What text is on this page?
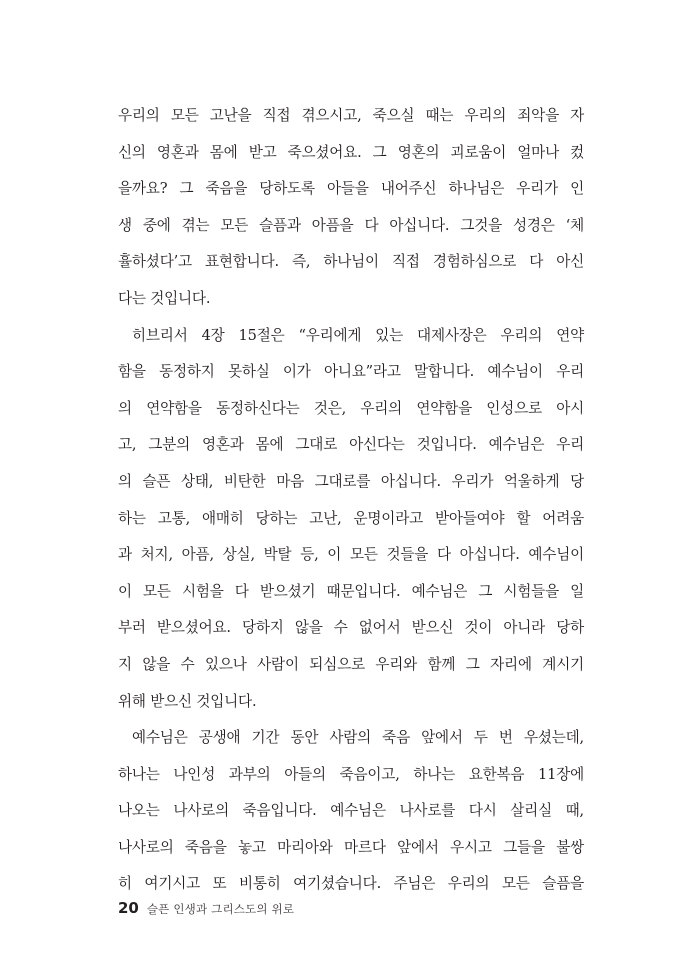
우리의 모든 고난을 직접 겪으시고, 죽으실 때는 우리의 죄악을 자
신의 영혼과 몸에 받고 죽으셨어요. 그 영혼의 괴로움이 얼마나 컸
을까요? 그 죽음을 당하도록 아들을 내어주신 하나님은 우리가 인
생 중에 겪는 모든 슬픔과 아픔을 다 아십니다. 그것을 성경은 ‘체
휼하셨다’고 표현합니다. 즉, 하나님이 직접 경험하심으로 다 아신
다는 것입니다.
히브리서 4장 15절은 “우리에게 있는 대제사장은 우리의 연약
함을 동정하지 못하실 이가 아니요”라고 말합니다. 예수님이 우리
의 연약함을 동정하신다는 것은, 우리의 연약함을 인성으로 아시
고, 그분의 영혼과 몸에 그대로 아신다는 것입니다. 예수님은 우리
의 슬픈 상태, 비탄한 마음 그대로를 아십니다. 우리가 억울하게 당
하는 고통, 애매히 당하는 고난, 운명이라고 받아들여야 할 어려움
과 처지, 아픔, 상실, 박탈 등, 이 모든 것들을 다 아십니다. 예수님이
이 모든 시험을 다 받으셨기 때문입니다. 예수님은 그 시험들을 일
부러 받으셨어요. 당하지 않을 수 없어서 받으신 것이 아니라 당하
지 않을 수 있으나 사람이 되심으로 우리와 함께 그 자리에 계시기
위해 받으신 것입니다.
예수님은 공생애 기간 동안 사람의 죽음 앞에서 두 번 우셨는데,
하나는 나인성 과부의 아들의 죽음이고, 하나는 요한복음 11장에
나오는 나사로의 죽음입니다. 예수님은 나사로를 다시 살리실 때,
나사로의 죽음을 놓고 마리아와 마르다 앞에서 우시고 그들을 불쌍
히 여기시고 또 비통히 여기셨습니다. 주님은 우리의 모든 슬픔을
20 슬픈 인생과 그리스도의 위로
